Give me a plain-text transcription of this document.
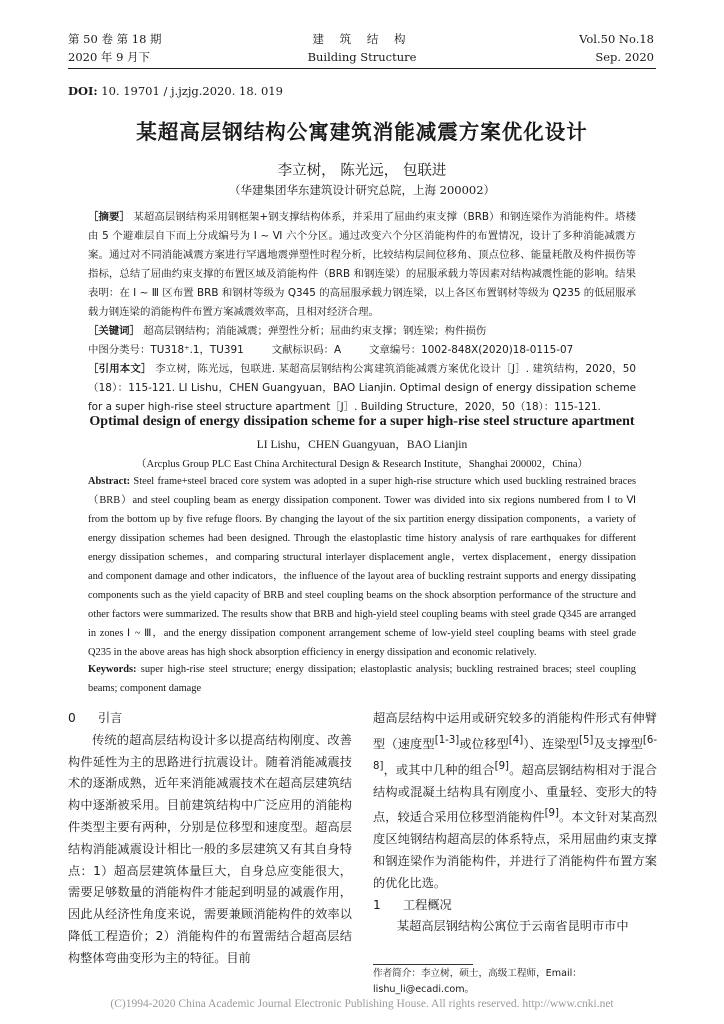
第 50 卷 第 18 期
2020 年 9 月下
建 筑 结 构
Building Structure
Vol.50 No.18
Sep. 2020
DOI: 10. 19701 / j.jzjg.2020. 18. 019
某超高层钢结构公寓建筑消能减震方案优化设计
李立树， 陈光远， 包联进
（华建集团华东建筑设计研究总院，上海 200002）
［摘要］ 某超高层钢结构采用钢框架+钢支撑结构体系，并采用了屈曲约束支撑（BRB）和钢连梁作为消能构件。塔楼由 5 个避难层自下而上分成编号为 Ⅰ ~ Ⅵ 六个分区。通过改变六个分区消能构件的布置情况，设计了多种消能减震方案。通过对不同消能减震方案进行罕遇地震弹塑性时程分析，比较结构层间位移角、顶点位移、能量耗散及构件损伤等指标，总结了屈曲约束支撑的布置区域及消能构件（BRB 和钢连梁）的屈服承载力等因素对结构减震性能的影响。结果表明：在 Ⅰ ~ Ⅲ 区布置 BRB 和钢材等级为 Q345 的高屈服承载力钢连梁，以上各区布置钢材等级为 Q235 的低屈服承载力钢连梁的消能构件布置方案减震效率高，且相对经济合理。
［关键词］ 超高层钢结构；消能减震；弹塑性分析；屈曲约束支撑；钢连梁；构件损伤
中图分类号：TU318⁺.1，TU391	文献标识码：A	文章编号：1002-848X(2020)18-0115-07
［引用本文］ 李立树，陈光远，包联进. 某超高层钢结构公寓建筑消能减震方案优化设计［J］. 建筑结构，2020，50（18）：115-121. LI Lishu，CHEN Guangyuan，BAO Lianjin. Optimal design of energy dissipation scheme for a super high-rise steel structure apartment［J］. Building Structure，2020，50（18）：115-121.
Optimal design of energy dissipation scheme for a super high-rise steel structure apartment
LI Lishu，CHEN Guangyuan，BAO Lianjin
（Arcplus Group PLC East China Architectural Design & Research Institute，Shanghai 200002，China）
Abstract: Steel frame+steel braced core system was adopted in a super high-rise structure which used buckling restrained braces（BRB）and steel coupling beam as energy dissipation component. Tower was divided into six regions numbered from Ⅰ to Ⅵ from the bottom up by five refuge floors. By changing the layout of the six partition energy dissipation components，a variety of energy dissipation schemes had been designed. Through the elastoplastic time history analysis of rare earthquakes for different energy dissipation schemes，and comparing structural interlayer displacement angle，vertex displacement，energy dissipation and component damage and other indicators，the influence of the layout area of buckling restraint supports and energy dissipating components such as the yield capacity of BRB and steel coupling beams on the shock absorption performance of the structure and other factors were summarized. The results show that BRB and high-yield steel coupling beams with steel grade Q345 are arranged in zones Ⅰ ~ Ⅲ，and the energy dissipation component arrangement scheme of low-yield steel coupling beams with steel grade Q235 in the above areas has high shock absorption efficiency in energy dissipation and economic relatively.
Keywords: super high-rise steel structure; energy dissipation; elastoplastic analysis; buckling restrained braces; steel coupling beams; component damage
0 引言

传统的超高层结构设计多以提高结构刚度、改善构件延性为主的思路进行抗震设计。随着消能减震技术的逐渐成熟，近年来消能减震技术在超高层建筑结构中逐渐被采用。目前建筑结构中广泛应用的消能构件类型主要有两种，分别是位移型和速度型。超高层结构消能减震设计相比一般的多层建筑又有其自身特点：1）超高层建筑体量巨大，自身总应变能很大，需要足够数量的消能构件才能起到明显的减震作用，因此从经济性角度来说，需要兼顾消能构件的效率以降低工程造价；2）消能构件的布置需结合超高层结构整体弯曲变形为主的特征。目前

超高层结构中运用或研究较多的消能构件形式有伸臂型（速度型[1-3]或位移型[4]）、连梁型[5]及支撑型[6-8]，或其中几种的组合[9]。超高层钢结构相对于混合结构或混凝土结构具有刚度小、重量轻、变形大的特点，较适合采用位移型消能构件[9]。本文针对某高烈度区纯钢结构超高层的体系特点，采用屈曲约束支撑和钢连梁作为消能构件，并进行了消能构件布置方案的优化比选。

1 工程概况

某超高层钢结构公寓位于云南省昆明市市中

作者简介：李立树，硕士，高级工程师，Email：lishu_li@ecadi.com。
(C)1994-2020 China Academic Journal Electronic Publishing House. All rights reserved. http://www.cnki.net
